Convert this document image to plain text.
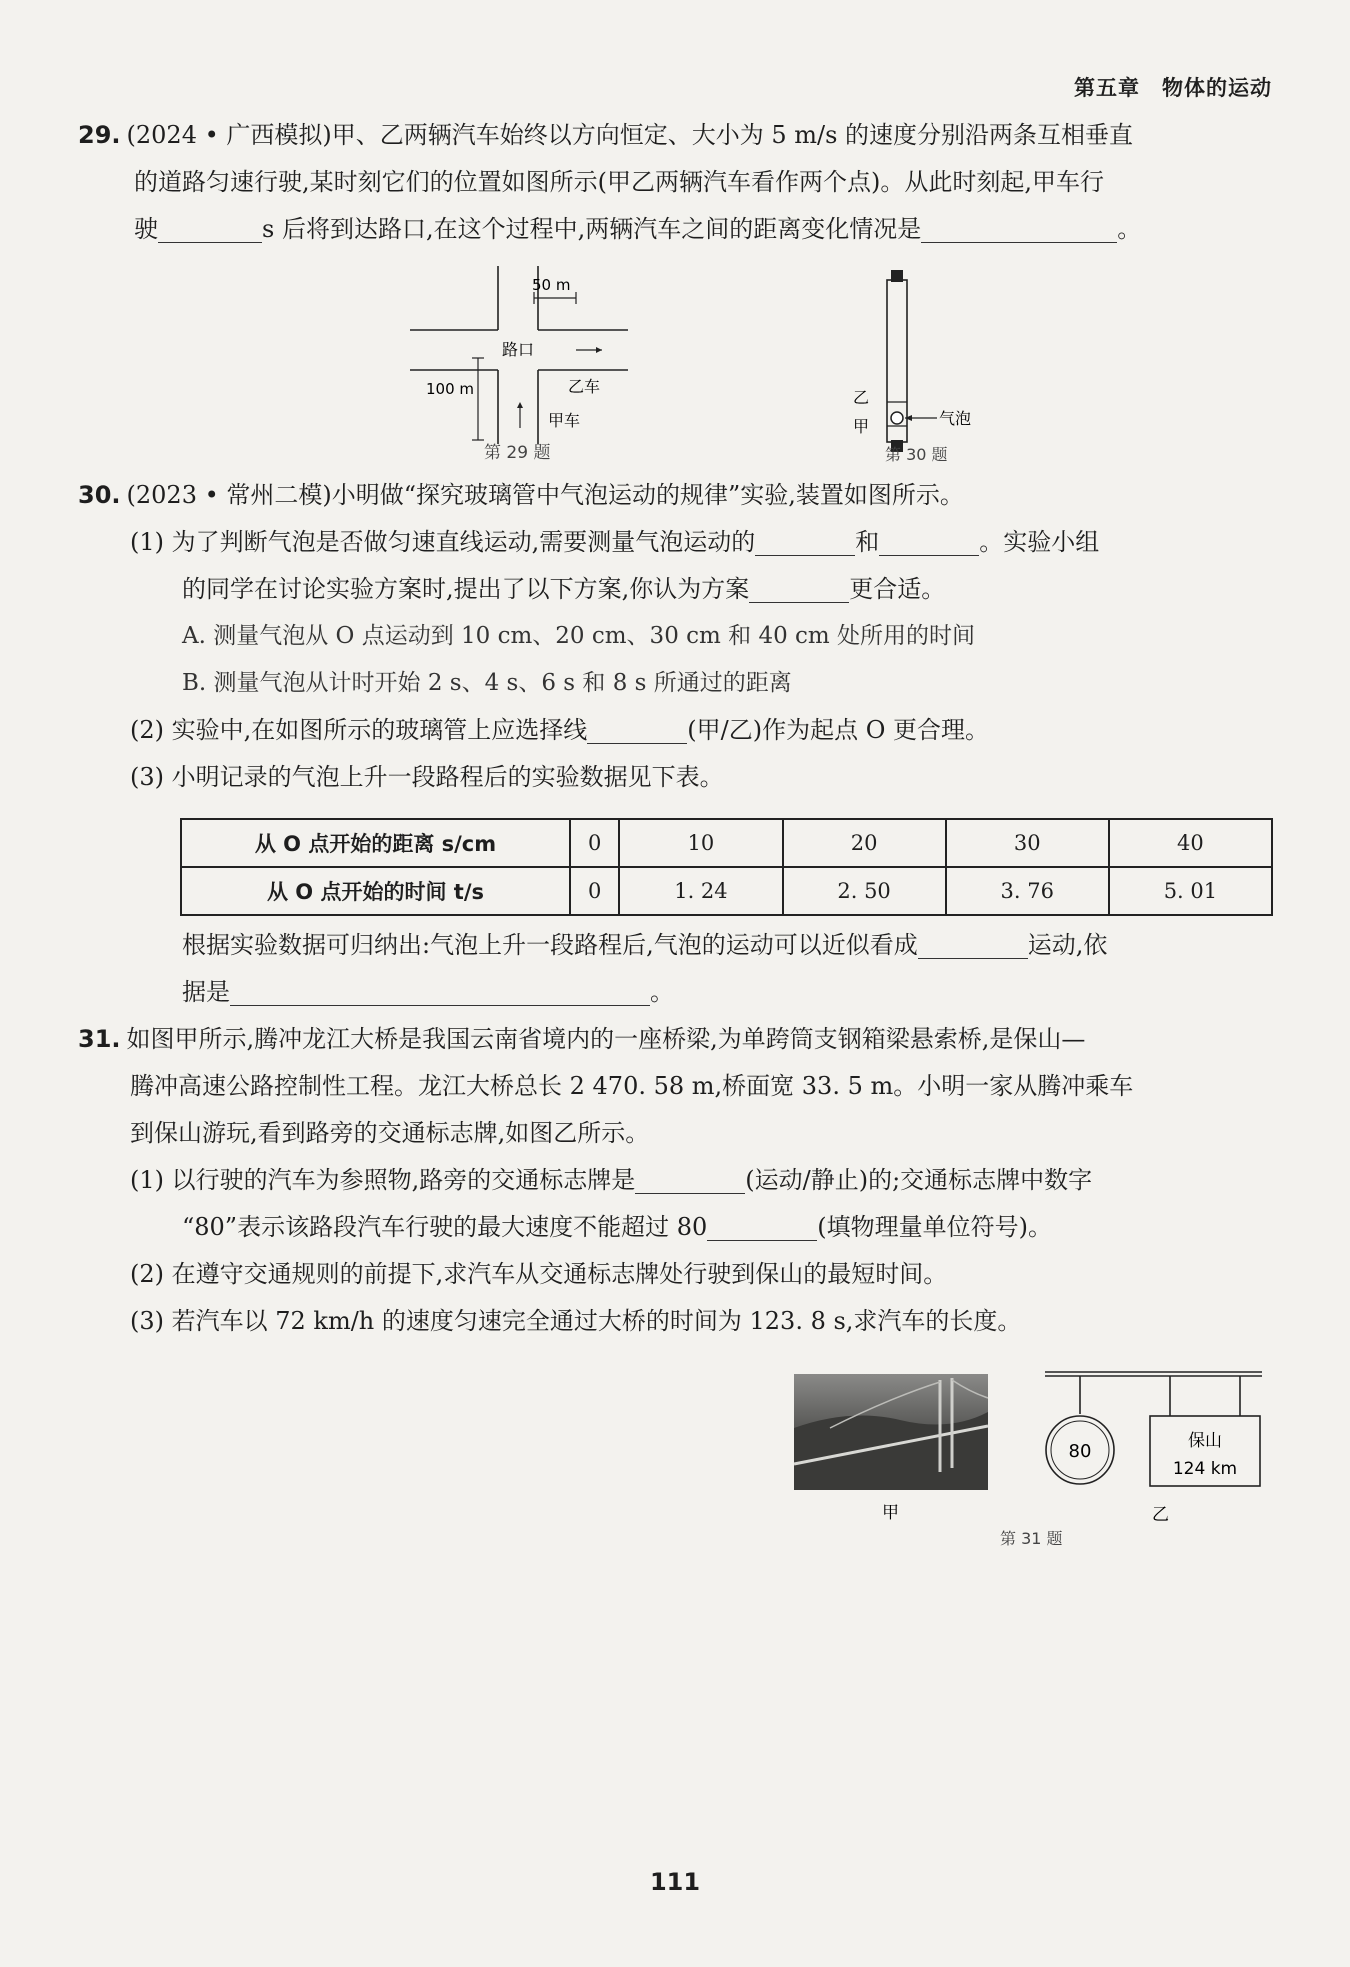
第五章 物体的运动
29. (2024 • 广西模拟)甲、乙两辆汽车始终以方向恒定、大小为 5 m/s 的速度分别沿两条互相垂直
的道路匀速行驶,某时刻它们的位置如图所示(甲乙两辆汽车看作两个点)。从此时刻起,甲车行
驶	s 后将到达路口,在这个过程中,两辆汽车之间的距离变化情况是	。
50 m
路口
乙车
甲车
100 m
第 29 题
乙
甲	气泡
第 30 题
30. (2023 • 常州二模)小明做“探究玻璃管中气泡运动的规律”实验,装置如图所示。
(1) 为了判断气泡是否做匀速直线运动,需要测量气泡运动的	和	。实验小组
的同学在讨论实验方案时,提出了以下方案,你认为方案	更合适。
A. 测量气泡从 O 点运动到 10 cm、20 cm、30 cm 和 40 cm 处所用的时间
B. 测量气泡从计时开始 2 s、4 s、6 s 和 8 s 所通过的距离
(2) 实验中,在如图所示的玻璃管上应选择线	(甲/乙)作为起点 O 更合理。
(3) 小明记录的气泡上升一段路程后的实验数据见下表。
从 O 点开始的距离 s/cm	0	10	20	30	40
从 O 点开始的时间 t/s	0	1. 24	2. 50	3. 76	5. 01
根据实验数据可归纳出:气泡上升一段路程后,气泡的运动可以近似看成	运动,依
据是	。
31. 如图甲所示,腾冲龙江大桥是我国云南省境内的一座桥梁,为单跨筒支钢箱梁悬索桥,是保山—
腾冲高速公路控制性工程。龙江大桥总长 2 470. 58 m,桥面宽 33. 5 m。小明一家从腾冲乘车
到保山游玩,看到路旁的交通标志牌,如图乙所示。
(1) 以行驶的汽车为参照物,路旁的交通标志牌是	(运动/静止)的;交通标志牌中数字
“80”表示该路段汽车行驶的最大速度不能超过 80	(填物理量单位符号)。
(2) 在遵守交通规则的前提下,求汽车从交通标志牌处行驶到保山的最短时间。
(3) 若汽车以 72 km/h 的速度匀速完全通过大桥的时间为 123. 8 s,求汽车的长度。
80	保山
124 km
甲	乙
第 31 题
111
